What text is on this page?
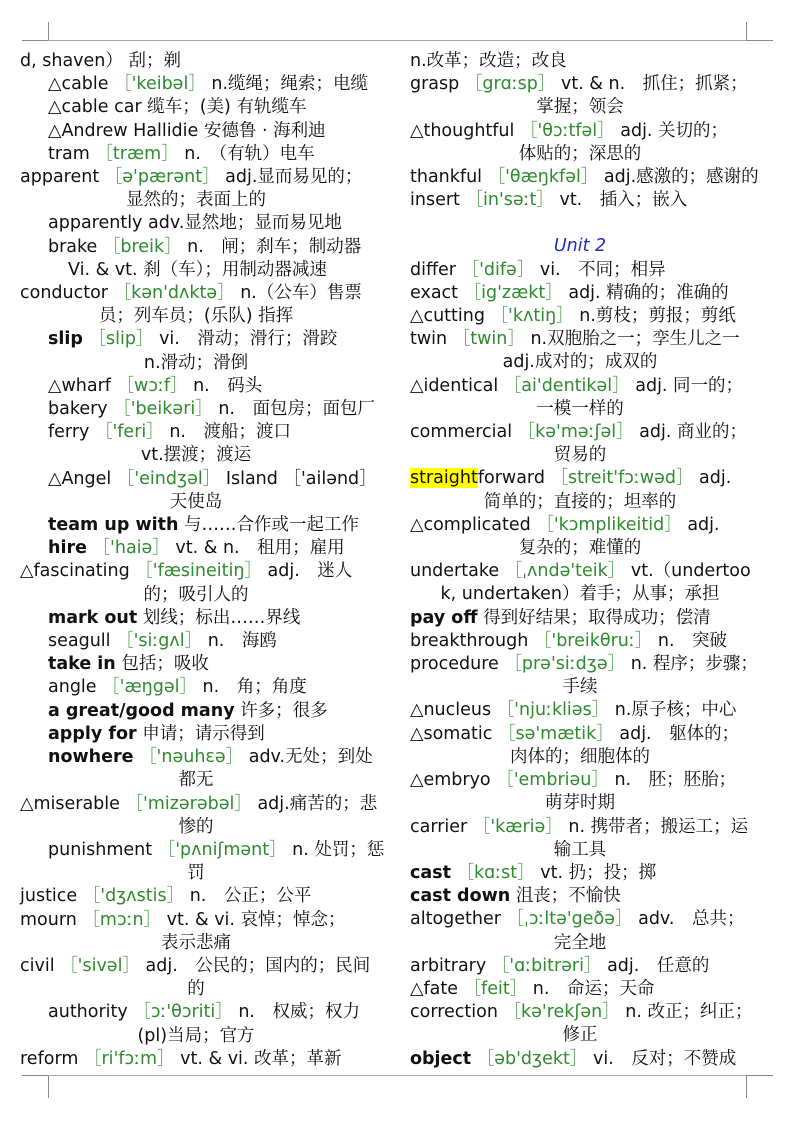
d, shaven） 刮；剃
△cable ［'keibəl］ n.缆绳；绳索；电缆
△cable car 缆车；(美) 有轨缆车
△Andrew Hallidie 安德鲁 · 海利迪
tram ［træm］ n.　（有轨）电车
apparent ［ə'pærənt］ adj.显而易见的；
显然的；表面上的
apparently adv.显然地；显而易见地
brake ［breik］ n.　闸；刹车；制动器
Vi. & vt. 刹（车）；用制动器减速
conductor ［kən'dʌktə］ n.（公车）售票
员；列车员；(乐队) 指挥
slip ［slip］ vi.　滑动；滑行；滑跤
n.滑动；滑倒
△wharf ［wɔːf］ n.　码头
bakery ［'beikəri］ n.　面包房；面包厂
ferry ［'feri］ n.　渡船；渡口
vt.摆渡；渡运
△Angel ［'eindʒəl］ Island ［'ailənd］
天使岛
team up with 与……合作或一起工作
hire ［'haiə］ vt. & n.　租用；雇用
△fascinating ［'fæsineitiŋ］ adj.　迷人
的；吸引人的
mark out 划线；标出……界线
seagull ［'siːgʌl］ n.　海鸥
take in 包括；吸收
angle ［'æŋgəl］ n.　角；角度
a great/good many 许多；很多
apply for 申请；请示得到
nowhere ［'nəuhεə］ adv.无处；到处
都无
△miserable ［'mizərəbəl］ adj.痛苦的；悲
惨的
punishment ［'pʌniʃmənt］ n. 处罚；惩
罚
justice ［'dʒʌstis］ n.　公正；公平
mourn ［mɔːn］ vt. & vi. 哀悼；悼念；
表示悲痛
civil ［'sivəl］ adj.　公民的；国内的；民间
的
authority ［ɔː'θɔriti］ n.　权威；权力
(pl)当局；官方
reform ［ri'fɔːm］ vt. & vi. 改革；革新
n.改革；改造；改良
grasp ［grɑːsp］ vt. & n.　抓住；抓紧；
掌握；领会
△thoughtful ［'θɔːtfəl］ adj. 关切的；
体贴的；深思的
thankful ［'θæŋkfəl］ adj.感激的；感谢的
insert ［in'səːt］ vt.　插入；嵌入
Unit 2
differ ［'difə］ vi.　不同；相异
exact ［ig'zækt］ adj. 精确的；准确的
△cutting ［'kʌtiŋ］ n.剪枝；剪报；剪纸
twin ［twin］ n.双胞胎之一；孪生儿之一
adj.成对的；成双的
△identical ［ai'dentikəl］ adj. 同一的；
一模一样的
commercial ［kə'məːʃəl］ adj. 商业的；
贸易的
straightforward ［streit'fɔːwəd］ adj.
简单的；直接的；坦率的
△complicated ［'kɔmplikeitid］ adj.
复杂的；难懂的
undertake ［ˌʌndə'teik］ vt.（undertoo
k, undertaken）着手；从事；承担
pay off 得到好结果；取得成功；偿清
breakthrough ［'breikθruː］ n.　突破
procedure ［prə'siːdʒə］ n. 程序；步骤；
手续
△nucleus ［'njuːkliəs］ n.原子核；中心
△somatic ［sə'mætik］ adj.　躯体的；
肉体的；细胞体的
△embryo ［'embriəu］ n.　胚；胚胎；
萌芽时期
carrier ［'kæriə］ n. 携带者；搬运工；运
输工具
cast ［kɑːst］ vt. 扔；投；掷
cast down 沮丧；不愉快
altogether ［ˌɔːltə'geðə］ adv.　总共；
完全地
arbitrary ［'ɑːbitrəri］ adj.　任意的
△fate ［feit］ n.　命运；天命
correction ［kə'rekʃən］ n. 改正；纠正；
修正
object ［əb'dʒekt］ vi.　反对；不赞成
